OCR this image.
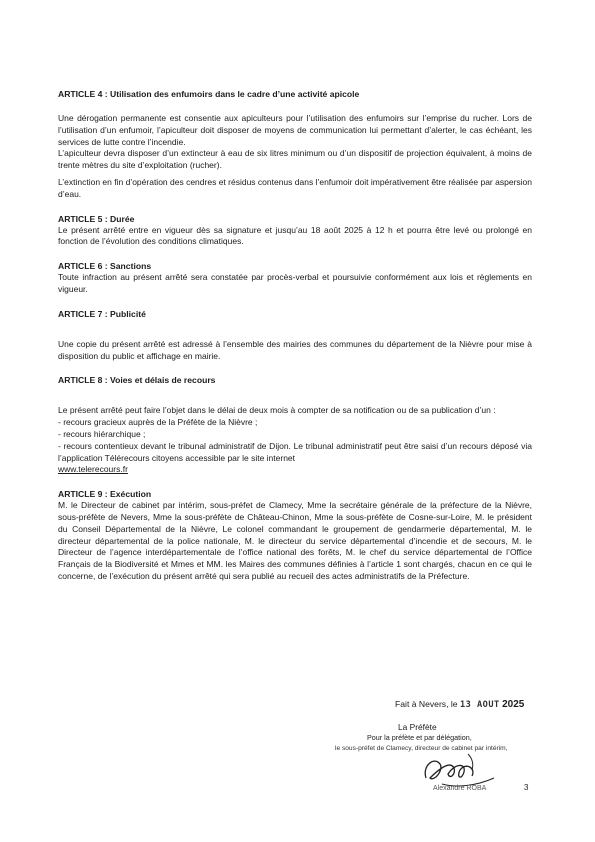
ARTICLE 4 : Utilisation des enfumoirs dans le cadre d’une activité apicole

Une dérogation permanente est consentie aux apiculteurs pour l’utilisation des enfumoirs sur l’emprise du rucher. Lors de l’utilisation d’un enfumoir, l’apiculteur doit disposer de moyens de communication lui permettant d’alerter, le cas échéant, les services de lutte contre l’incendie.

L’apiculteur devra disposer d’un extincteur à eau de six litres minimum ou d’un dispositif de projection équivalent, à moins de trente mètres du site d’exploitation (rucher).

L’extinction en fin d’opération des cendres et résidus contenus dans l’enfumoir doit impérativement être réalisée par aspersion d’eau.

ARTICLE 5 : Durée

Le présent arrêté entre en vigueur dès sa signature et jusqu’au 18 août 2025 à 12 h et pourra être levé ou prolongé en fonction de l’évolution des conditions climatiques.

ARTICLE 6 : Sanctions

Toute infraction au présent arrêté sera constatée par procès-verbal et poursuivie conformément aux lois et règlements en vigueur.

ARTICLE 7 : Publicité

Une copie du présent arrêté est adressé à l’ensemble des mairies des communes du département de la Nièvre pour mise à disposition du public et affichage en mairie.

ARTICLE 8 : Voies et délais de recours

Le présent arrêté peut faire l’objet dans le délai de deux mois à compter de sa notification ou de sa publication d’un :

- recours gracieux auprès de la Préfète de la Nièvre ;
- recours hiérarchique ;
- recours contentieux devant le tribunal administratif de Dijon. Le tribunal administratif peut être saisi d’un recours déposé via l’application Télérecours citoyens accessible par le site internet

www.telerecours.fr

ARTICLE 9 : Exécution

M. le Directeur de cabinet par intérim, sous-préfet de Clamecy, Mme la secrétaire générale de la préfecture de la Nièvre, sous-préfète de Nevers, Mme la sous-préfète de Château-Chinon, Mme la sous-préfète de Cosne-sur-Loire, M. le président du Conseil Départemental de la Nièvre, Le colonel commandant le groupement de gendarmerie départemental, M. le directeur départemental de la police nationale, M. le directeur du service départemental d’incendie et de secours, M. le Directeur de l’agence interdépartementale de l’office national des forêts, M. le chef du service départemental de l’Office Français de la Biodiversité et Mmes et MM. les Maires des communes définies à l’article 1 sont chargés, chacun en ce qui le concerne, de l’exécution du présent arrêté qui sera publié au recueil des actes administratifs de la Préfecture.

Fait à Nevers, le 13 AOUT 2025
La Préfète
Pour la préfète et par délégation,
le sous-préfet de Clamecy, directeur de cabinet par intérim,
Alexandre ROBA	3
